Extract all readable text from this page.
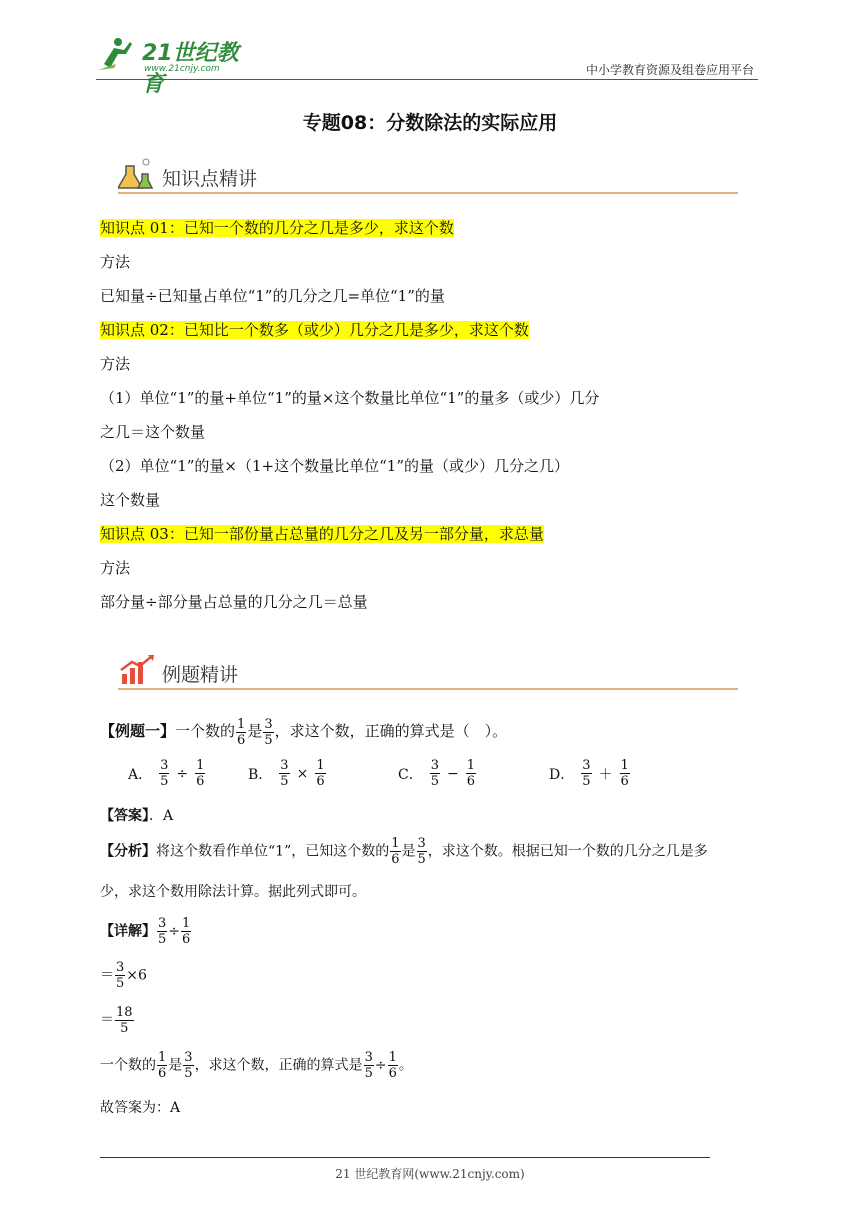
21世纪教育
www.21cnjy.com	中小学教育资源及组卷应用平台
专题08：分数除法的实际应用
知识点精讲
知识点 01：已知一个数的几分之几是多少，求这个数
方法
已知量÷已知量占单位“1”的几分之几=单位“1”的量
知识点 02：已知比一个数多（或少）几分之几是多少，求这个数
方法
（1）单位“1”的量+单位“1”的量×这个数量比单位“1”的量多（或少）几分
之几＝这个数量
（2）单位“1”的量×（1+这个数量比单位“1”的量（或少）几分之几）
这个数量
知识点 03：已知一部份量占总量的几分之几及另一部分量，求总量
方法
部分量÷部分量占总量的几分之几＝总量
例题精讲
【例题一】一个数的 $\frac{1}{6}$ 是 $\frac{3}{5}$ ，求这个数，正确的算式是（　）。
A． $\frac{3}{5} \div \frac{1}{6}$	B． $\frac{3}{5} \times \frac{1}{6}$	C． $\frac{3}{5} - \frac{1}{6}$	D． $\frac{3}{5} + \frac{1}{6}$
【答案】．A
【分析】将这个数看作单位“1”，已知这个数的 $\frac{1}{6}$ 是 $\frac{3}{5}$ ，求这个数。根据已知一个数的几分之几是多
少，求这个数用除法计算。据此列式即可。
【详解】 $\frac{3}{5} \div \frac{1}{6}$
＝ $\frac{3}{5} \times 6$
＝ $\frac{18}{5}$
一个数的 $\frac{1}{6}$ 是 $\frac{3}{5}$ ，求这个数，正确的算式是 $\frac{3}{5} \div \frac{1}{6}$ 。
故答案为：A
21 世纪教育网(www.21cnjy.com)
